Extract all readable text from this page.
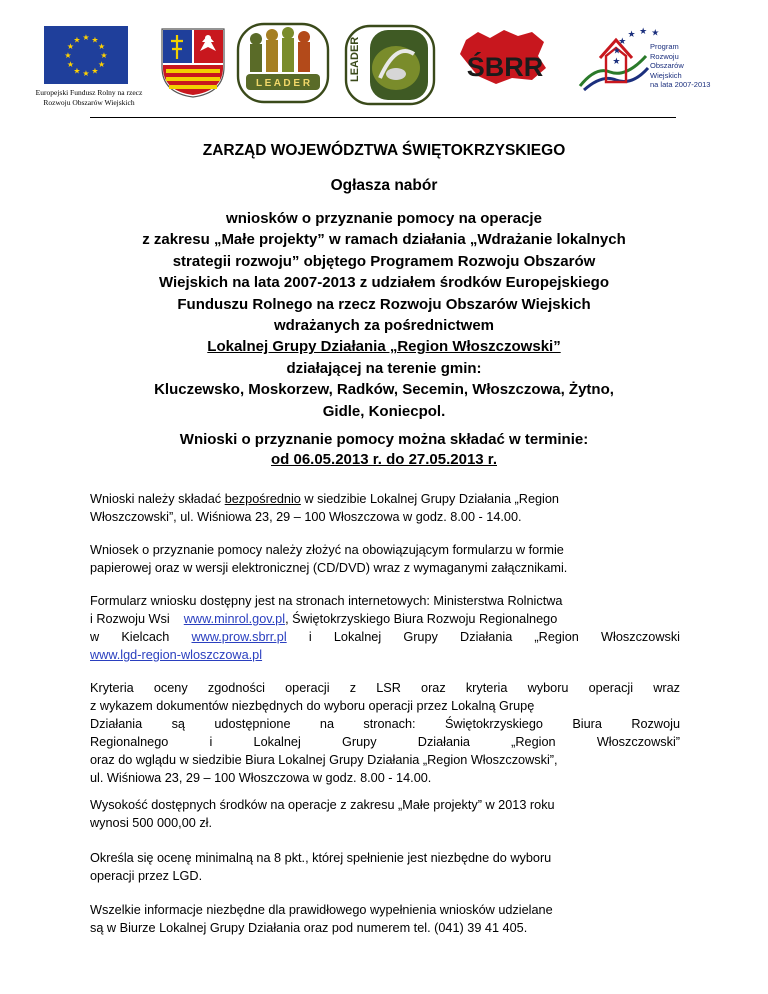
★ ★
★
★
★
★
★
★
★
★
★
★
Europejski Fundusz Rolny na rzecz
Rozwoju Obszarów Wiejskich
L E A D E R
LEADER	ŚBRR	★
★
★
★ ★ ★
Program
Rozwoju
Obszarów
Wiejskich
na lata 2007-2013
ZARZĄD WOJEWÓDZTWA ŚWIĘTOKRZYSKIEGO
Ogłasza nabór
wniosków o przyznanie pomocy na operacje
z zakresu „Małe projekty” w ramach działania „Wdrażanie lokalnych
strategii rozwoju” objętego Programem Rozwoju Obszarów
Wiejskich na lata 2007-2013 z udziałem środków Europejskiego
Funduszu Rolnego na rzecz Rozwoju Obszarów Wiejskich
wdrażanych za pośrednictwem
Lokalnej Grupy Działania „Region Włoszczowski”
działającej na terenie gmin:
Kluczewsko, Moskorzew, Radków, Secemin, Włoszczowa, Żytno,
Gidle, Koniecpol.
Wnioski o przyznanie pomocy można składać w terminie:
od 06.05.2013 r. do 27.05.2013 r.

Wnioski należy składać bezpośrednio w siedzibie Lokalnej Grupy Działania „Region
Włoszczowski”, ul. Wiśniowa 23, 29 – 100 Włoszczowa w godz. 8.00 - 14.00.

Wniosek o przyznanie pomocy należy złożyć na obowiązującym formularzu w formie
papierowej oraz w wersji elektronicznej (CD/DVD) wraz z wymaganymi załącznikami.

Formularz wniosku dostępny jest na stronach internetowych: Ministerstwa Rolnictwa
i Rozwoju Wsi    www.minrol.gov.pl, Świętokrzyskiego Biura Rozwoju Regionalnego
w Kielcach www.prow.sbrr.pl i Lokalnej Grupy Działania „Region Włoszczowski
www.lgd-region-wloszczowa.pl

Kryteria oceny zgodności operacji z LSR oraz kryteria wyboru operacji wraz
z wykazem dokumentów niezbędnych do wyboru operacji przez Lokalną Grupę
Działania są udostępnione na stronach: Świętokrzyskiego Biura Rozwoju
Regionalnego i Lokalnej Grupy Działania „Region Włoszczowski”
oraz do wglądu w siedzibie Biura Lokalnej Grupy Działania „Region Włoszczowski”,
ul. Wiśniowa 23, 29 – 100 Włoszczowa w godz. 8.00 - 14.00.

Wysokość dostępnych środków na operacje z zakresu „Małe projekty” w 2013 roku
wynosi 500 000,00 zł.

Określa się ocenę minimalną na 8 pkt., której spełnienie jest niezbędne do wyboru
operacji przez LGD.

Wszelkie informacje niezbędne dla prawidłowego wypełnienia wniosków udzielane
są w Biurze Lokalnej Grupy Działania oraz pod numerem tel. (041) 39 41 405.
